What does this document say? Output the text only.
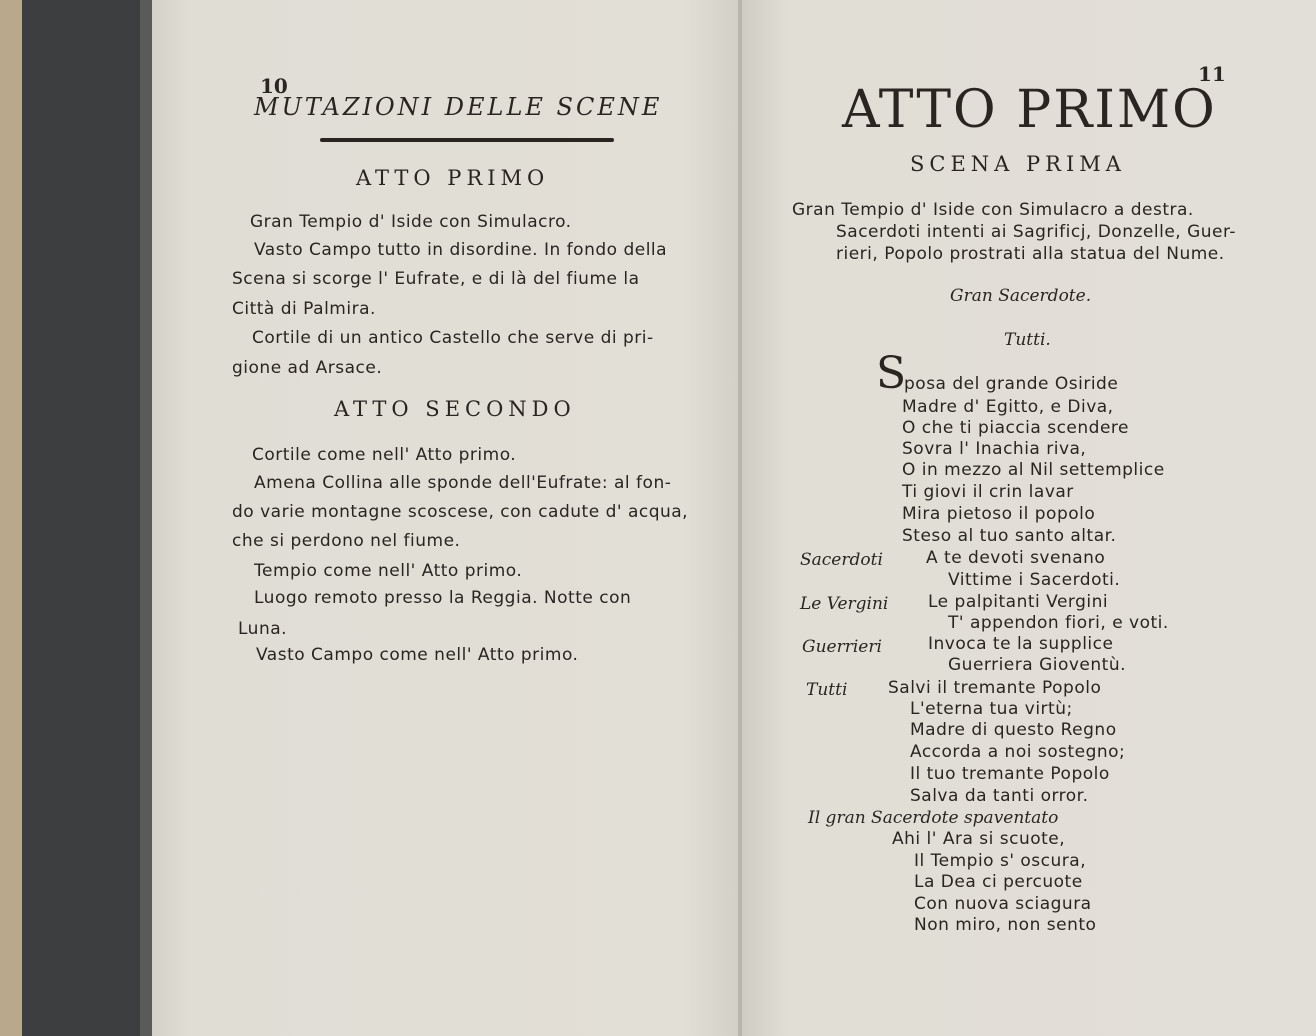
10
MUTAZIONI DELLE SCENE
ATTO PRIMO
Gran Tempio d' Iside con Simulacro.
Vasto Campo tutto in disordine. In fondo della
Scena si scorge l' Eufrate, e di là del fiume la
Città di Palmira.
Cortile di un antico Castello che serve di pri-
gione ad Arsace.
ATTO SECONDO
Cortile come nell' Atto primo.
Amena Collina alle sponde dell'Eufrate: al fon-
do varie montagne scoscese, con cadute d' acqua,
che si perdono nel fiume.
Tempio come nell' Atto primo.
Luogo remoto presso la Reggia. Notte con
Luna.
Vasto Campo come nell' Atto primo.
11
ATTO PRIMO
SCENA PRIMA
Gran Tempio d' Iside con Simulacro a destra.
Sacerdoti intenti ai Sagrificj, Donzelle, Guer-
rieri, Popolo prostrati alla statua del Nume.
Gran Sacerdote.
Tutti.
S
posa del grande Osiride
Madre d' Egitto, e Diva,
O che ti piaccia scendere
Sovra l' Inachia riva,
O in mezzo al Nil settemplice
Ti giovi il crin lavar
Mira pietoso il popolo
Steso al tuo santo altar.
Sacerdoti	A te devoti svenano
Vittime i Sacerdoti.
Le Vergini Le palpitanti Vergini
T' appendon fiori, e voti.
Guerrieri	Invoca te la supplice
Guerriera Gioventù.
Tutti Salvi il tremante Popolo
L'eterna tua virtù;
Madre di questo Regno
Accorda a noi sostegno;
Il tuo tremante Popolo
Salva da tanti orror.
Il gran Sacerdote spaventato
Ahi l' Ara si scuote,
Il Tempio s' oscura,
La Dea ci percuote
Con nuova sciagura
Non miro, non sento
